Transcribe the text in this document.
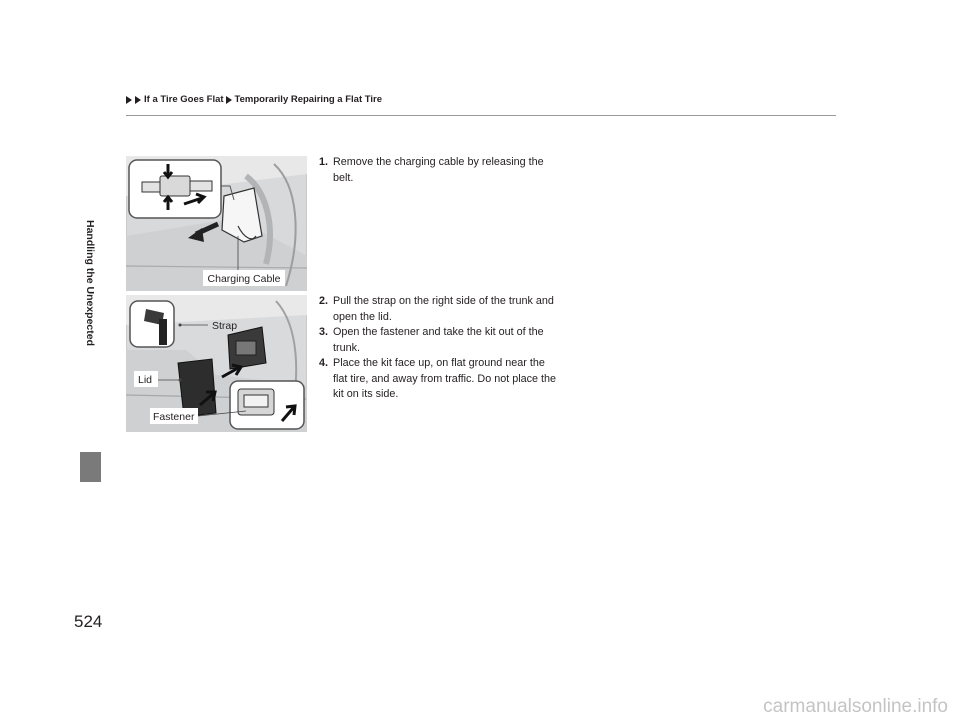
If a Tire Goes Flat Temporarily Repairing a Flat Tire
Handling the Unexpected	Charging Cable
Strap
Lid
Fastener
1. Remove the charging cable by releasing the belt.
2. Pull the strap on the right side of the trunk and open the lid.
3. Open the fastener and take the kit out of the trunk.
4. Place the kit face up, on flat ground near the flat tire, and away from traffic. Do not place the kit on its side.
524
carmanualsonline.info
